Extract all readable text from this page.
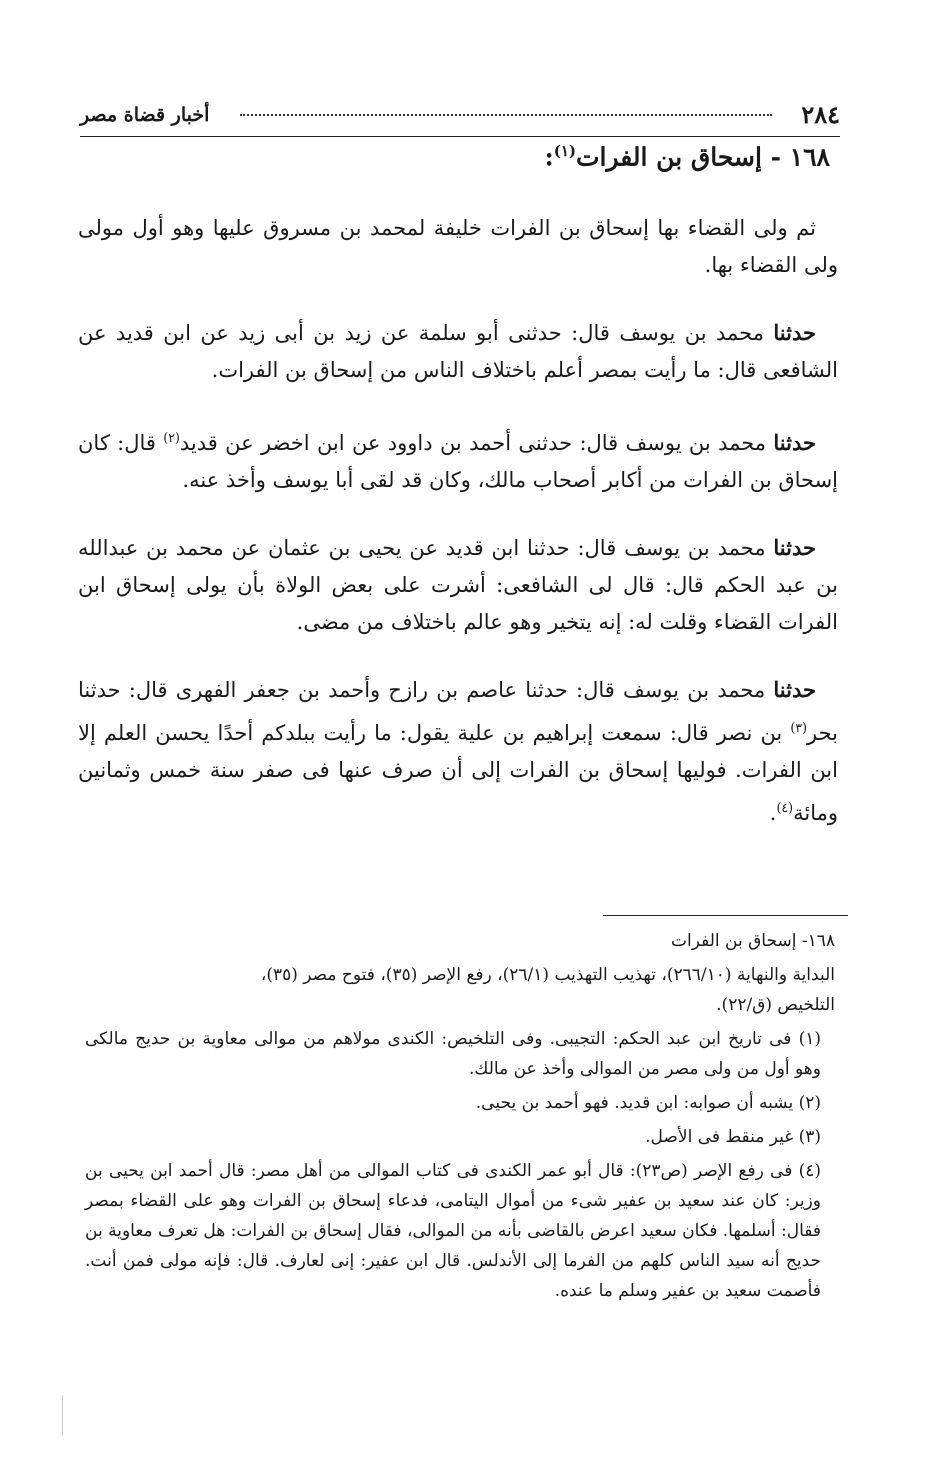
٢٨٤
أخبار قضاة مصر
١٦٨ - إسحاق بن الفرات$^{(١)}$:

ثم ولى القضاء بها إسحاق بن الفرات خليفة لمحمد بن مسروق عليها وهو أول مولى ولى القضاء بها.

حدثنا محمد بن يوسف قال: حدثنى أبو سلمة عن زيد بن أبى زيد عن ابن قديد عن الشافعى قال: ما رأيت بمصر أعلم باختلاف الناس من إسحاق بن الفرات.

حدثنا محمد بن يوسف قال: حدثنى أحمد بن داوود عن ابن اخضر عن قديد$^{(٢)}$ قال: كان إسحاق بن الفرات من أكابر أصحاب مالك، وكان قد لقى أبا يوسف وأخذ عنه.

حدثنا محمد بن يوسف قال: حدثنا ابن قديد عن يحيى بن عثمان عن محمد بن عبدالله بن عبد الحكم قال: قال لى الشافعى: أشرت على بعض الولاة بأن يولى إسحاق ابن الفرات القضاء وقلت له: إنه يتخير وهو عالم باختلاف من مضى.

حدثنا محمد بن يوسف قال: حدثنا عاصم بن رازح وأحمد بن جعفر الفهرى قال: حدثنا بحر$^{(٣)}$ بن نصر قال: سمعت إبراهيم بن علية يقول: ما رأيت ببلدكم أحدًا يحسن العلم إلا ابن الفرات. فوليها إسحاق بن الفرات إلى أن صرف عنها فى صفر سنة خمس وثمانين ومائة$^{(٤)}$.

١٦٨- إسحاق بن الفرات
البداية والنهاية (٢٦٦/١٠)، تهذيب التهذيب (٢٦/١)، رفع الإصر (٣٥)، فتوح مصر (٣٥)،
التلخيص (ق/٢٢).
(١) فى تاريخ ابن عبد الحكم: التجيبى. وفى التلخيص: الكندى مولاهم من موالى معاوية بن حديج مالكى وهو أول من ولى مصر من الموالى وأخذ عن مالك.
(٢) يشبه أن صوابه: ابن قديد. فهو أحمد بن يحيى.
(٣) غير منقط فى الأصل.
(٤) فى رفع الإصر (ص٢٣): قال أبو عمر الكندى فى كتاب الموالى من أهل مصر: قال أحمد ابن يحيى بن وزير: كان عند سعيد بن عفير شىء من أموال اليتامى، فدعاء إسحاق بن الفرات وهو على القضاء بمصر فقال: أسلمها. فكان سعيد اعرض بالقاضى بأنه من الموالى، فقال إسحاق بن الفرات: هل تعرف معاوية بن حديج أنه سيد الناس كلهم من الفرما إلى الأندلس. قال ابن عفير: إنى لعارف. قال: فإنه مولى فمن أنت. فأصمت سعيد بن عفير وسلم ما عنده.
